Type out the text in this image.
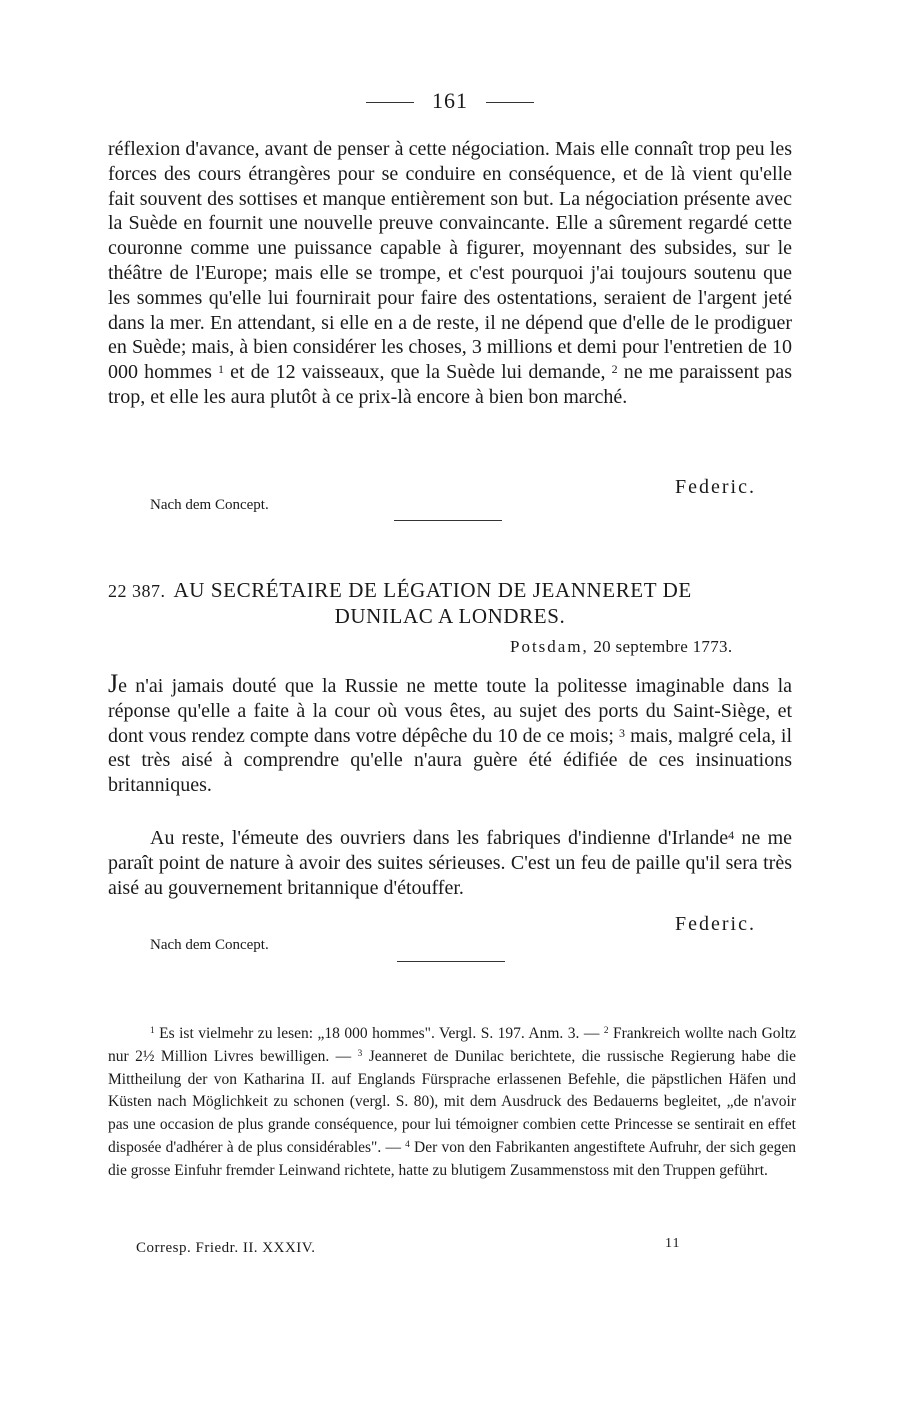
161

réflexion d'avance, avant de penser à cette négociation. Mais elle connaît trop peu les forces des cours étrangères pour se conduire en conséquence, et de là vient qu'elle fait souvent des sottises et manque entièrement son but. La négociation présente avec la Suède en fournit une nouvelle preuve convaincante. Elle a sûrement regardé cette couronne comme une puissance capable à figurer, moyennant des subsides, sur le théâtre de l'Europe; mais elle se trompe, et c'est pourquoi j'ai toujours soutenu que les sommes qu'elle lui fournirait pour faire des ostentations, seraient de l'argent jeté dans la mer. En attendant, si elle en a de reste, il ne dépend que d'elle de le prodiguer en Suède; mais, à bien considérer les choses, 3 millions et demi pour l'entretien de 10 000 hommes $^1$ et de 12 vaisseaux, que la Suède lui demande, $^2$ ne me paraissent pas trop, et elle les aura plutôt à ce prix-là encore à bien bon marché.

Federic.
Nach dem Concept.
22 387. AU SECRÉTAIRE DE LÉGATION DE JEANNERET DE
DUNILAC A LONDRES.
Potsdam, 20 septembre 1773.

Je n'ai jamais douté que la Russie ne mette toute la politesse imaginable dans la réponse qu'elle a faite à la cour où vous êtes, au sujet des ports du Saint-Siège, et dont vous rendez compte dans votre dépêche du 10 de ce mois; $^3$ mais, malgré cela, il est très aisé à comprendre qu'elle n'aura guère été édifiée de ces insinuations britanniques.

Au reste, l'émeute des ouvriers dans les fabriques d'indienne d'Irlande$^4$ ne me paraît point de nature à avoir des suites sérieuses. C'est un feu de paille qu'il sera très aisé au gouvernement britannique d'étouffer.

Federic.
Nach dem Concept.

$^1$ Es ist vielmehr zu lesen: „18 000 hommes". Vergl. S. 197. Anm. 3. — $^2$ Frankreich wollte nach Goltz nur 2½ Million Livres bewilligen. — $^3$ Jeanneret de Dunilac berichtete, die russische Regierung habe die Mittheilung der von Katharina II. auf Englands Fürsprache erlassenen Befehle, die päpstlichen Häfen und Küsten nach Möglichkeit zu schonen (vergl. S. 80), mit dem Ausdruck des Bedauerns begleitet, „de n'avoir pas une occasion de plus grande conséquence, pour lui témoigner combien cette Princesse se sentirait en effet disposée d'adhérer à de plus considérables". — $^4$ Der von den Fabrikanten angestiftete Aufruhr, der sich gegen die grosse Einfuhr fremder Leinwand richtete, hatte zu blutigem Zusammenstoss mit den Truppen geführt.

Corresp. Friedr. II. XXXIV.	11
